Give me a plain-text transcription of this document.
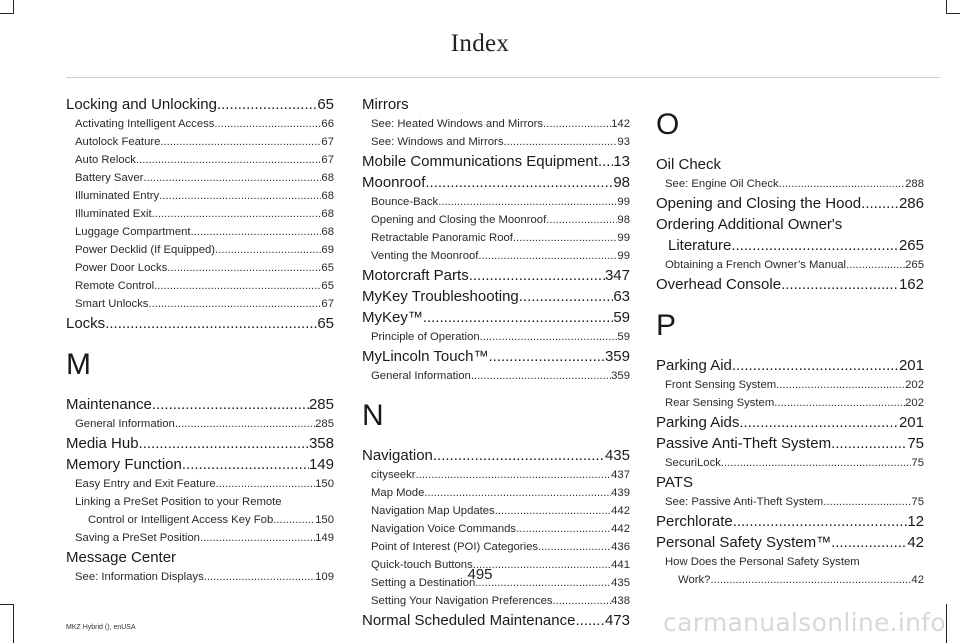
Index
Locking and Unlocking .....	65
Activating Intelligent Access .....	66
Autolock Feature .....	67
Auto Relock .....	67
Battery Saver .....	68
Illuminated Entry .....	68
Illuminated Exit .....	68
Luggage Compartment .....	68
Power Decklid (If Equipped) .....	69
Power Door Locks .....	65
Remote Control .....	65
Smart Unlocks .....	67
Locks .....	65
M
Maintenance .....	285
General Information .....	285
Media Hub .....	358
Memory Function .....	149
Easy Entry and Exit Feature .....	150
Linking a PreSet Position to your Remote
Control or Intelligent Access Key Fob .....	150
Saving a PreSet Position .....	149
Message Center
See: Information Displays .....	109
Mirrors
See: Heated Windows and Mirrors .....	142
See: Windows and Mirrors .....	93
Mobile Communications Equipment ..... 13
Moonroof .....	98
Bounce-Back .....	99
Opening and Closing the Moonroof .....	98
Retractable Panoramic Roof .....	99
Venting the Moonroof .....	99
Motorcraft Parts .....	347
MyKey Troubleshooting .....	63
MyKey™ .....	59
Principle of Operation .....	59
MyLincoln Touch™ .....	359
General Information .....	359
N
Navigation .....	435
cityseekr .....	437
Map Mode .....	439
Navigation Map Updates .....	442
Navigation Voice Commands .....	442
Point of Interest (POI) Categories .....	436
Quick-touch Buttons .....	441
Setting a Destination .....	435
Setting Your Navigation Preferences .....	438
Normal Scheduled Maintenance ..... 473
O
Oil Check
See: Engine Oil Check .....	288
Opening and Closing the Hood .....	286
Ordering Additional Owner's
Literature .....	265
Obtaining a French Owner’s Manual .....	265
Overhead Console .....	162
P
Parking Aid .....	201
Front Sensing System .....	202
Rear Sensing System .....	202
Parking Aids .....	201
Passive Anti-Theft System .....	75
SecuriLock .....	75
PATS
See: Passive Anti-Theft System .....	75
Perchlorate .....	12
Personal Safety System™ .....	42
How Does the Personal Safety System
Work? .....	42
495
MKZ Hybrid (), enUSA	carmanualsonline.info
